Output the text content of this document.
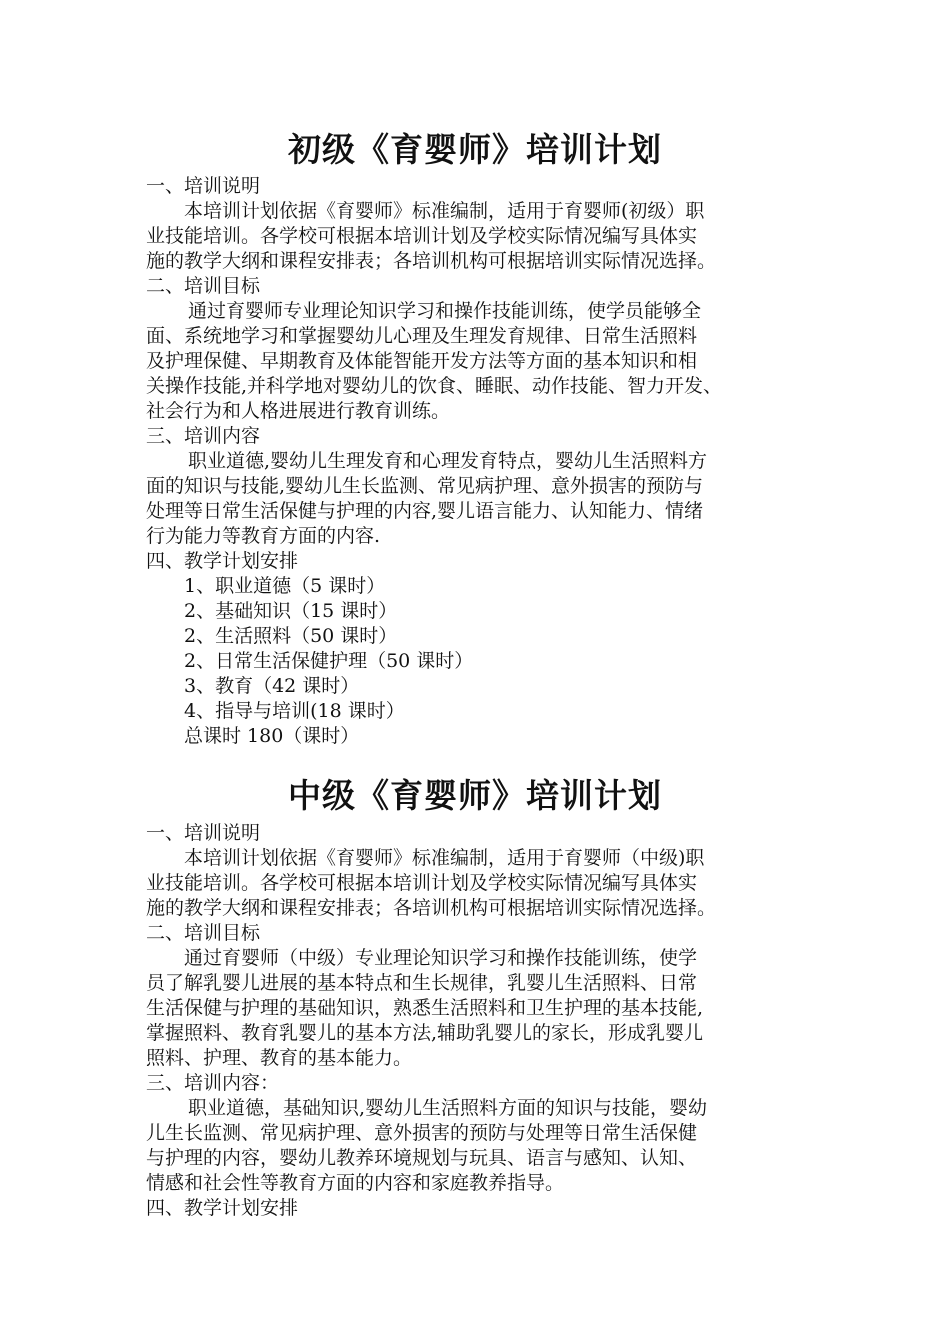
初级《育婴师》培训计划
一、培训说明
本培训计划依据《育婴师》标准编制，适用于育婴师(初级）职
业技能培训。各学校可根据本培训计划及学校实际情况编写具体实
施的教学大纲和课程安排表；各培训机构可根据培训实际情况选择。
二、培训目标
通过育婴师专业理论知识学习和操作技能训练，使学员能够全
面、系统地学习和掌握婴幼儿心理及生理发育规律、日常生活照料
及护理保健、早期教育及体能智能开发方法等方面的基本知识和相
关操作技能,并科学地对婴幼儿的饮食、睡眠、动作技能、智力开发、
社会行为和人格进展进行教育训练。
三、培训内容
职业道德,婴幼儿生理发育和心理发育特点，婴幼儿生活照料方
面的知识与技能,婴幼儿生长监测、常见病护理、意外损害的预防与
处理等日常生活保健与护理的内容,婴儿语言能力、认知能力、情绪
行为能力等教育方面的内容.
四、教学计划安排
1、职业道德（5 课时）
2、基础知识（15 课时）
2、生活照料（50 课时）
2、日常生活保健护理（50 课时）
3、教育（42 课时）
4、指导与培训(18 课时）
总课时 180（课时）
中级《育婴师》培训计划
一、培训说明
本培训计划依据《育婴师》标准编制，适用于育婴师（中级)职
业技能培训。各学校可根据本培训计划及学校实际情况编写具体实
施的教学大纲和课程安排表；各培训机构可根据培训实际情况选择。
二、培训目标
通过育婴师（中级）专业理论知识学习和操作技能训练，使学
员了解乳婴儿进展的基本特点和生长规律，乳婴儿生活照料、日常
生活保健与护理的基础知识，熟悉生活照料和卫生护理的基本技能,
掌握照料、教育乳婴儿的基本方法,辅助乳婴儿的家长，形成乳婴儿
照料、护理、教育的基本能力。
三、培训内容：
职业道德，基础知识,婴幼儿生活照料方面的知识与技能，婴幼
儿生长监测、常见病护理、意外损害的预防与处理等日常生活保健
与护理的内容，婴幼儿教养环境规划与玩具、语言与感知、认知、
情感和社会性等教育方面的内容和家庭教养指导。
四、教学计划安排
